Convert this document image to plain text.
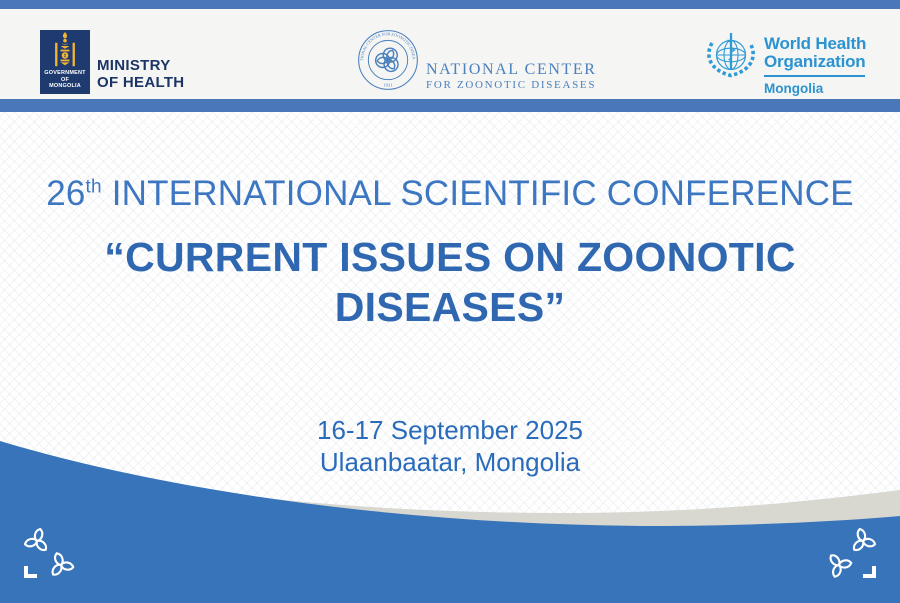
GOVERNMENT OF
MONGOLIA
MINISTRY
OF HEALTH
NATIONAL CENTER FOR ZOONOTIC DISEASES
1931
NATIONAL CENTER
FOR ZOONOTIC DISEASES
World Health
Organization
Mongolia
26th INTERNATIONAL SCIENTIFIC CONFERENCE
“CURRENT ISSUES ON ZOONOTIC DISEASES”
16-17 September 2025
Ulaanbaatar, Mongolia
